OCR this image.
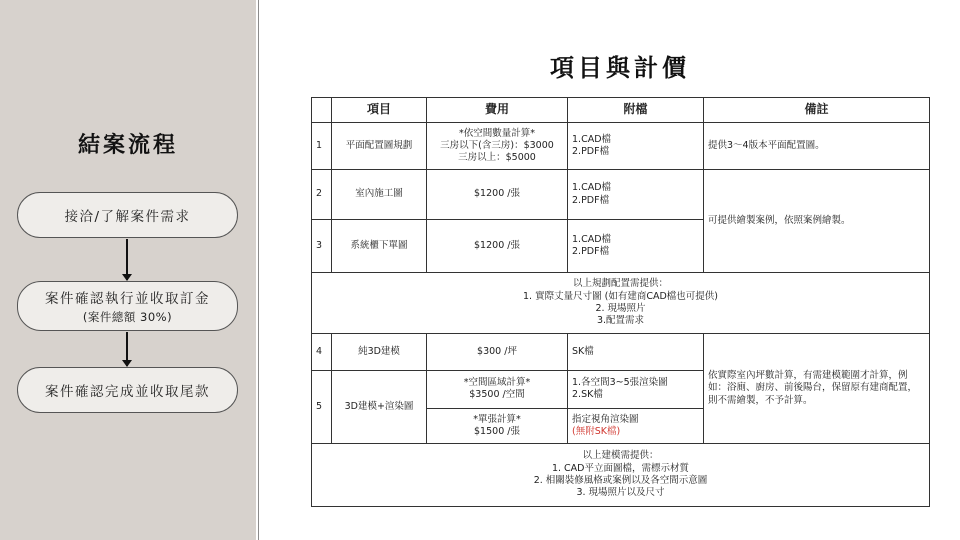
結案流程
接洽/了解案件需求
案件確認執行並收取訂金
(案件總額 30%)
案件確認完成並收取尾款
項目與計價
	項目	費用	附檔	備註
1	平面配置圖規劃	*依空間數量計算*
三房以下(含三房)：$3000
三房以上：$5000	1.CAD檔
2.PDF檔	提供3～4版本平面配置圖。
2	室內施工圖	$1200 /張	1.CAD檔
2.PDF檔	可提供繪製案例，依照案例繪製。
3	系統櫃下單圖	$1200 /張	1.CAD檔
2.PDF檔	

以上規劃配置需提供：
1. 實際丈量尺寸圖 (如有建商CAD檔也可提供)
2. 現場照片
3.配置需求				

4	純3D建模	$300 /坪	SK檔	依實際室內坪數計算，有需建模範圍才計算，例如：浴廁、廚房、前後陽台，保留原有建商配置，則不需繪製，不予計算。
5	3D建模+渲染圖	*空間區域計算*
$3500 /空間	1.各空間3~5張渲染圖
2.SK檔	

		*單張計算*
$1500 /張	指定視角渲染圖
(無附SK檔)	

以上建模需提供：
1. CAD平立面圖檔，需標示材質
2. 相關裝修風格或案例以及各空間示意圖
3. 現場照片以及尺寸				
